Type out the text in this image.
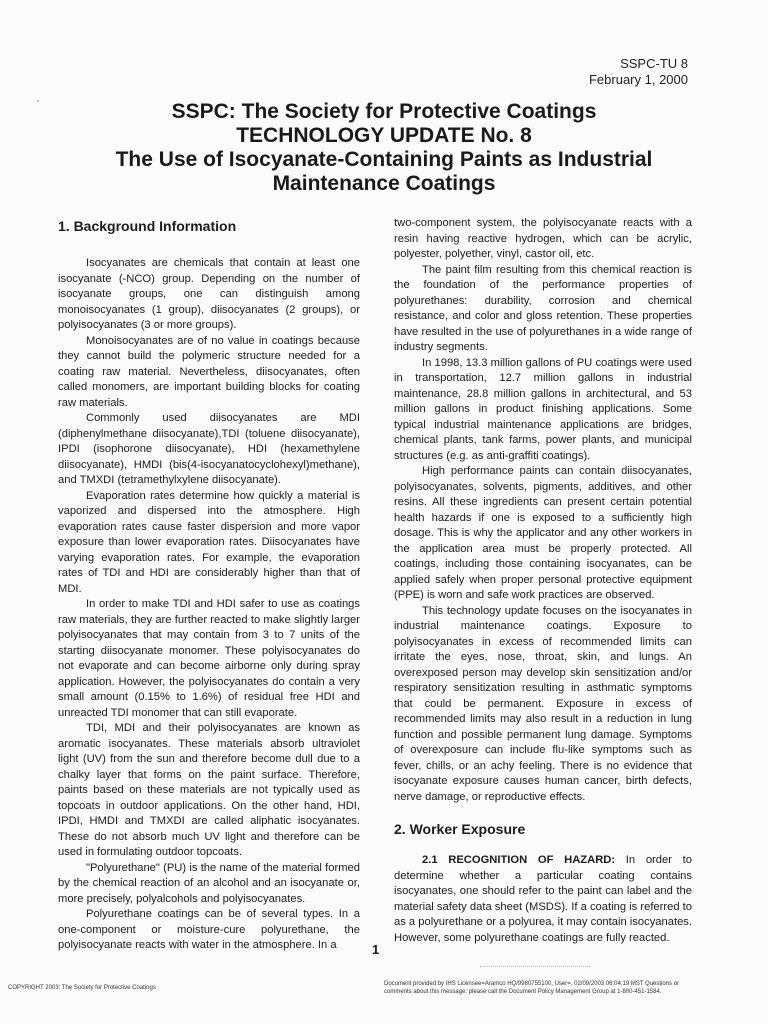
SSPC-TU 8
February 1, 2000
SSPC: The Society for Protective Coatings
TECHNOLOGY UPDATE No. 8
The Use of Isocyanate-Containing Paints as Industrial
Maintenance Coatings
1. Background Information

Isocyanates are chemicals that contain at least one isocyanate (-NCO) group. Depending on the number of isocyanate groups, one can distinguish among monoisocyanates (1 group), diisocyanates (2 groups), or polyisocyanates (3 or more groups).

Monoisocyanates are of no value in coatings because they cannot build the polymeric structure needed for a coating raw material. Nevertheless, diisocyanates, often called monomers, are important building blocks for coating raw materials.

Commonly used diisocyanates are MDI (diphenylmethane diisocyanate),TDI (toluene diisocyanate), IPDI (isophorone diisocyanate), HDI (hexamethylene diisocyanate), HMDI (bis(4-isocyanatocyclohexyl)methane), and TMXDI (tetramethylxylene diisocyanate).

Evaporation rates determine how quickly a material is vaporized and dispersed into the atmosphere. High evaporation rates cause faster dispersion and more vapor exposure than lower evaporation rates. Diisocyanates have varying evaporation rates. For example, the evaporation rates of TDI and HDI are considerably higher than that of MDI.

In order to make TDI and HDI safer to use as coatings raw materials, they are further reacted to make slightly larger polyisocyanates that may contain from 3 to 7 units of the starting diisocyanate monomer. These polyisocyanates do not evaporate and can become airborne only during spray application. However, the polyisocyanates do contain a very small amount (0.15% to 1.6%) of residual free HDI and unreacted TDI monomer that can still evaporate.

TDI, MDI and their polyisocyanates are known as aromatic isocyanates. These materials absorb ultraviolet light (UV) from the sun and therefore become dull due to a chalky layer that forms on the paint surface. Therefore, paints based on these materials are not typically used as topcoats in outdoor applications. On the other hand, HDI, IPDI, HMDI and TMXDI are called aliphatic isocyanates. These do not absorb much UV light and therefore can be used in formulating outdoor topcoats.

"Polyurethane" (PU) is the name of the material formed by the chemical reaction of an alcohol and an isocyanate or, more precisely, polyalcohols and polyisocyanates.

Polyurethane coatings can be of several types. In a one-component or moisture-cure polyurethane, the polyisocyanate reacts with water in the atmosphere. In a

two-component system, the polyisocyanate reacts with a resin having reactive hydrogen, which can be acrylic, polyester, polyether, vinyl, castor oil, etc.

The paint film resulting from this chemical reaction is the foundation of the performance properties of polyurethanes: durability, corrosion and chemical resistance, and color and gloss retention. These properties have resulted in the use of polyurethanes in a wide range of industry segments.

In 1998, 13.3 million gallons of PU coatings were used in transportation, 12.7 million gallons in industrial maintenance, 28.8 million gallons in architectural, and 53 million gallons in product finishing applications. Some typical industrial maintenance applications are bridges, chemical plants, tank farms, power plants, and municipal structures (e.g. as anti-graffiti coatings).

High performance paints can contain diisocyanates, polyisocyanates, solvents, pigments, additives, and other resins. All these ingredients can present certain potential health hazards if one is exposed to a sufficiently high dosage. This is why the applicator and any other workers in the application area must be properly protected. All coatings, including those containing isocyanates, can be applied safely when proper personal protective equipment (PPE) is worn and safe work practices are observed.

This technology update focuses on the isocyanates in industrial maintenance coatings. Exposure to polyisocyanates in excess of recommended limits can irritate the eyes, nose, throat, skin, and lungs. An overexposed person may develop skin sensitization and/or respiratory sensitization resulting in asthmatic symptoms that could be permanent. Exposure in excess of recommended limits may also result in a reduction in lung function and possible permanent lung damage. Symptoms of overexposure can include flu-like symptoms such as fever, chills, or an achy feeling. There is no evidence that isocyanate exposure causes human cancer, birth defects, nerve damage, or reproductive effects.

2. Worker Exposure

2.1 RECOGNITION OF HAZARD: In order to determine whether a particular coating contains isocyanates, one should refer to the paint can label and the material safety data sheet (MSDS). If a coating is referred to as a polyurethane or a polyurea, it may contain isocyanates. However, some polyurethane coatings are fully reacted.

1
COPYRIGHT 2003; The Society for Protective Coatings
Document provided by IHS Licensee=Aramco HQ/9980755100, User=, 02/09/2003 06:04:19 MST Questions or comments about this message: please call the Document Policy Management Group at 1-800-451-1584.
